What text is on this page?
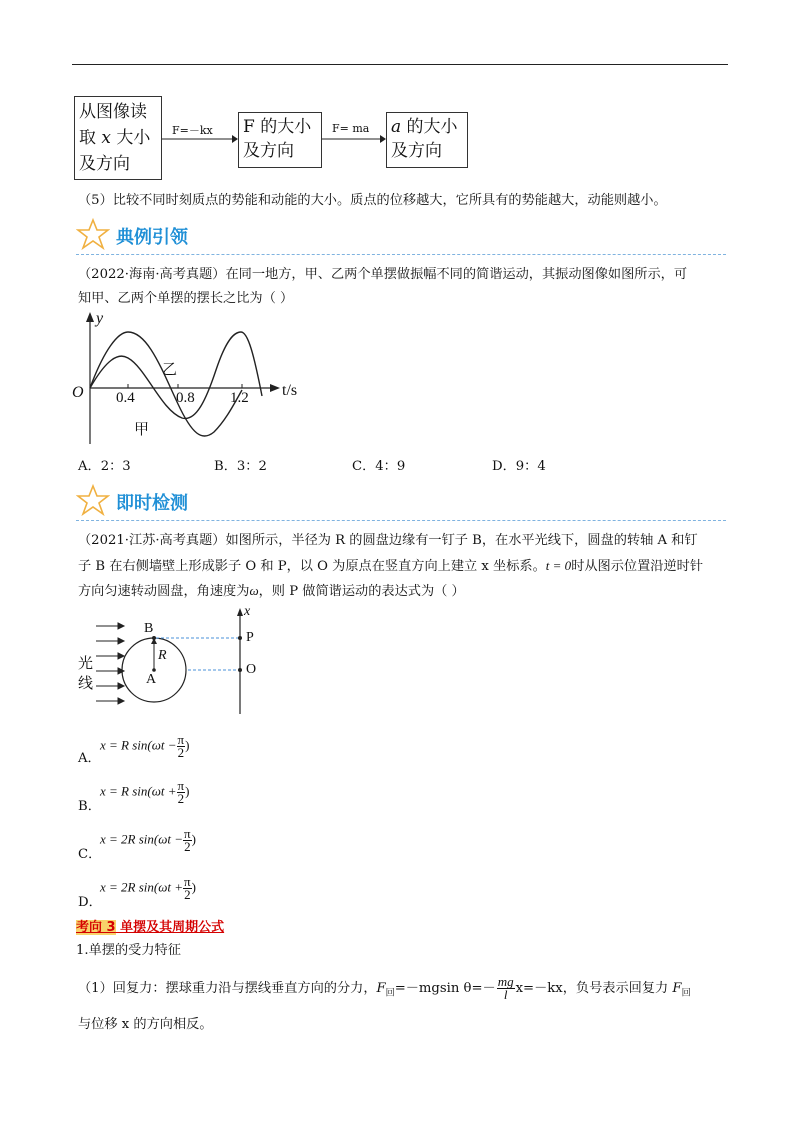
从图像读
取 x 大小
及方向
F=－kx F 的大小
及方向
F= ma a 的大小
及方向
（5）比较不同时刻质点的势能和动能的大小。质点的位移越大，它所具有的势能越大，动能则越小。
典例引领
（2022·海南·高考真题）在同一地方，甲、乙两个单摆做振幅不同的简谐运动，其振动图像如图所示，可
知甲、乙两个单摆的摆长之比为（ ）
y
t/s
O 0.4	0.8 1.2
乙
甲
A．2：3	B．3：2	C．4：9	D．9：4
即时检测
（2021·江苏·高考真题）如图所示，半径为 R 的圆盘边缘有一钉子 B，在水平光线下，圆盘的转轴 A 和钉
子 B 在右侧墙壁上形成影子 O 和 P，以 O 为原点在竖直方向上建立 x 坐标系。t = 0时从图示位置沿逆时针
方向匀速转动圆盘，角速度为ω，则 P 做简谐运动的表达式为（ ）
光
线
B
A
R
x
P
O
A．
x = R $\sin(\omega t - \frac{\pi}{2}$ )
B．
x = R $\sin(\omega t + \frac{\pi}{2}$ )
C．
x = 2R $\sin(\omega t - \frac{\pi}{2}$ )
D．
x = 2R $\sin(\omega t + \frac{\pi}{2}$ )
考向 3 单摆及其周期公式
1.单摆的受力特征
（1）回复力：摆球重力沿与摆线垂直方向的分力，$F_回=-mgsin$ $\theta=- \frac{mg}{l} x=-kx$，负号表示回复力 $F_回$
与位移 x 的方向相反。
